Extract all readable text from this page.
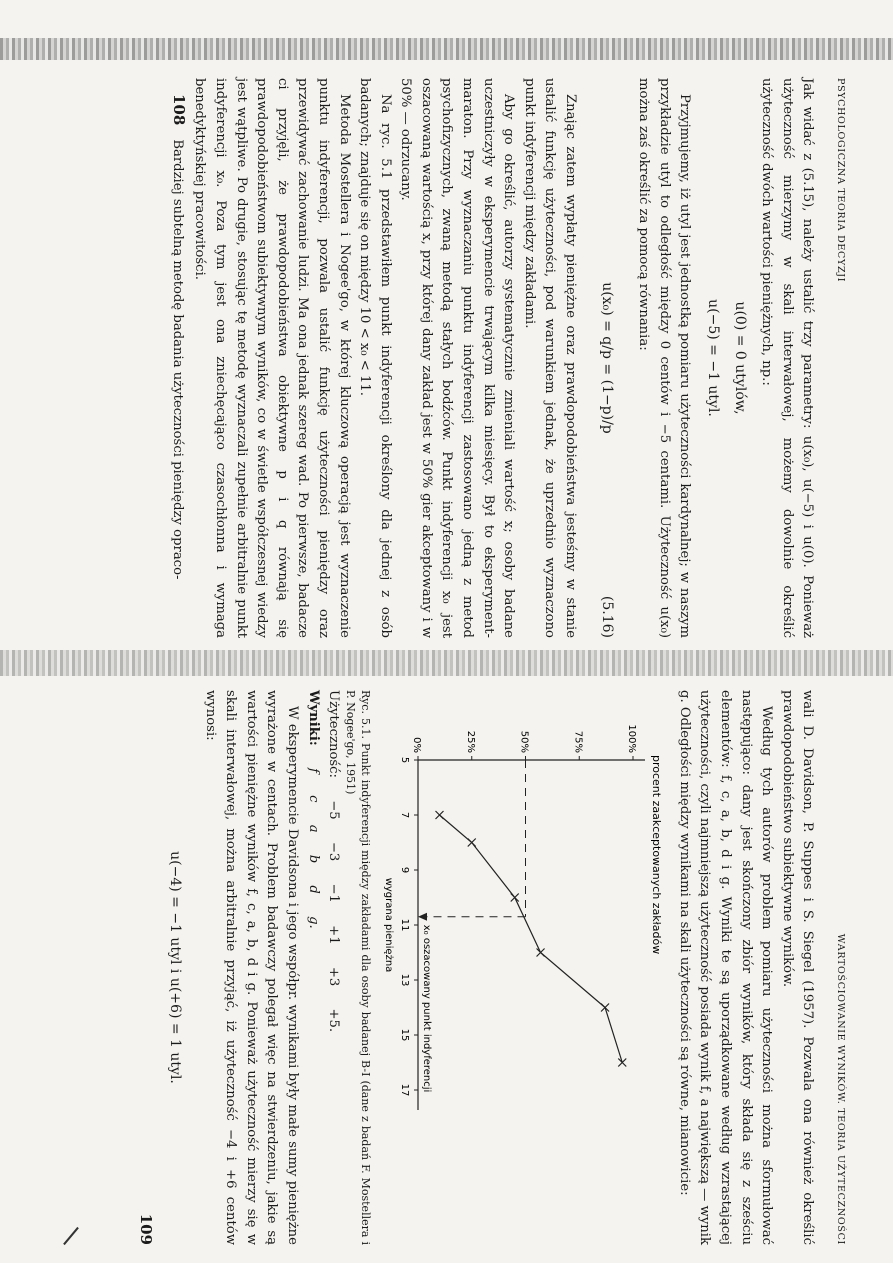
PSYCHOLOGICZNA TEORIA DECYZJI

Jak widać z (5.15), należy ustalić trzy parametry: u(x₀), u(−5) i u(0). Ponieważ użyteczność mierzymy w skali interwałowej, możemy dowolnie określić użyteczność dwóch wartości pieniężnych, np.:

u(0) = 0 utylów,
u(−5) = −1 utyl.

Przyjmujemy, iż utyl jest jednostką pomiaru użyteczności kardynalnej; w naszym przykładzie utyl to odległość między 0 centów i −5 centami. Użyteczność u(x₀) można zaś określić za pomocą równania:

u(x₀) = q/p = (1−p)/p
(5.16)

Znając zatem wypłaty pieniężne oraz prawdopodobieństwa jesteśmy w stanie ustalić funkcję użyteczności, pod warunkiem jednak, że uprzednio wyznaczono punkt indyferencji między zakładami.

Aby go określić, autorzy systematycznie zmieniali wartość x; osoby badane uczestniczyły w eksperymencie trwającym kilka miesięcy. Był to eksperyment-maraton. Przy wyznaczaniu punktu indyferencji zastosowano jedną z metod psychofizycznych, zwaną metodą stałych bodźców. Punkt indyferencji x₀ jest oszacowaną wartością x, przy której dany zakład jest w 50% gier akceptowany i w 50% — odrzucany.

Na ryc. 5.1 przedstawiłem punkt indyferencji określony dla jednej z osób badanych; znajduje się on między 10 < x₀ < 11.

Metoda Mostellera i Nogee'go, w której kluczową operacją jest wyznaczenie punktu indyferencji, pozwala ustalić funkcję użyteczności pieniędzy oraz przewidywać zachowanie ludzi. Ma ona jednak szereg wad. Po pierwsze, badacze ci przyjęli, że prawdopodobieństwa obiektywne p i q równają się prawdopodobieństwom subiektywnym wyników, co w świetle współczesnej wiedzy jest wątpliwe. Po drugie, stosując tę metodę wyznaczali zupełnie arbitralnie punkt indyferencji x₀. Poza tym jest ona zniechęcająco czasochłonna i wymaga benedyktyńskiej pracowitości.

108Bardziej subtelną metodę badania użyteczności pieniędzy opraco-

WARTOŚCIOWANIE WYNIKÓW. TEORIA UŻYTECZNOŚCI

wali D. Davidson, P. Suppes i S. Siegel (1957). Pozwala ona również określić prawdopodobieństwo subiektywne wyników.

Według tych autorów problem pomiaru użyteczności można sformułować następująco: dany jest skończony zbiór wyników, który składa się z sześciu elementów: f, c, a, b, d i g. Wyniki te są uporządkowane według wzrastającej użyteczności, czyli najmniejszą użyteczność posiada wynik f, a największą — wynik g. Odległości między wynikami na skali użyteczności są równe, mianowicie:

0%	25%	50%	75%	100%
5
7
9
11
13
15
17
procent zaakceptowanych zakładów
wygrana pieniężna	x₀ oszacowany punkt indyferencji

Ryc. 5.1. Punkt indyferencji między zakładami dla osoby badanej B-I (dane z badań F. Mostellera i P. Nogee'go, 1951)

Użyteczność: −5 −3 −1 +1 +3 +5.

Wyniki: f c a b d g.

W eksperymencie Davidsona i jego współpr. wynikami były małe sumy pieniężne wyrażone w centach. Problem badawczy polegał więc na stwierdzeniu, jakie są wartości pieniężne wyników f, c, a, b, d i g. Ponieważ użyteczność mierzy się w skali interwałowej, można arbitralnie przyjąć, iż użyteczność −4 i +6 centów wynosi:

u(−4) = −1 utyl i u(+6) = 1 utyl.
109
